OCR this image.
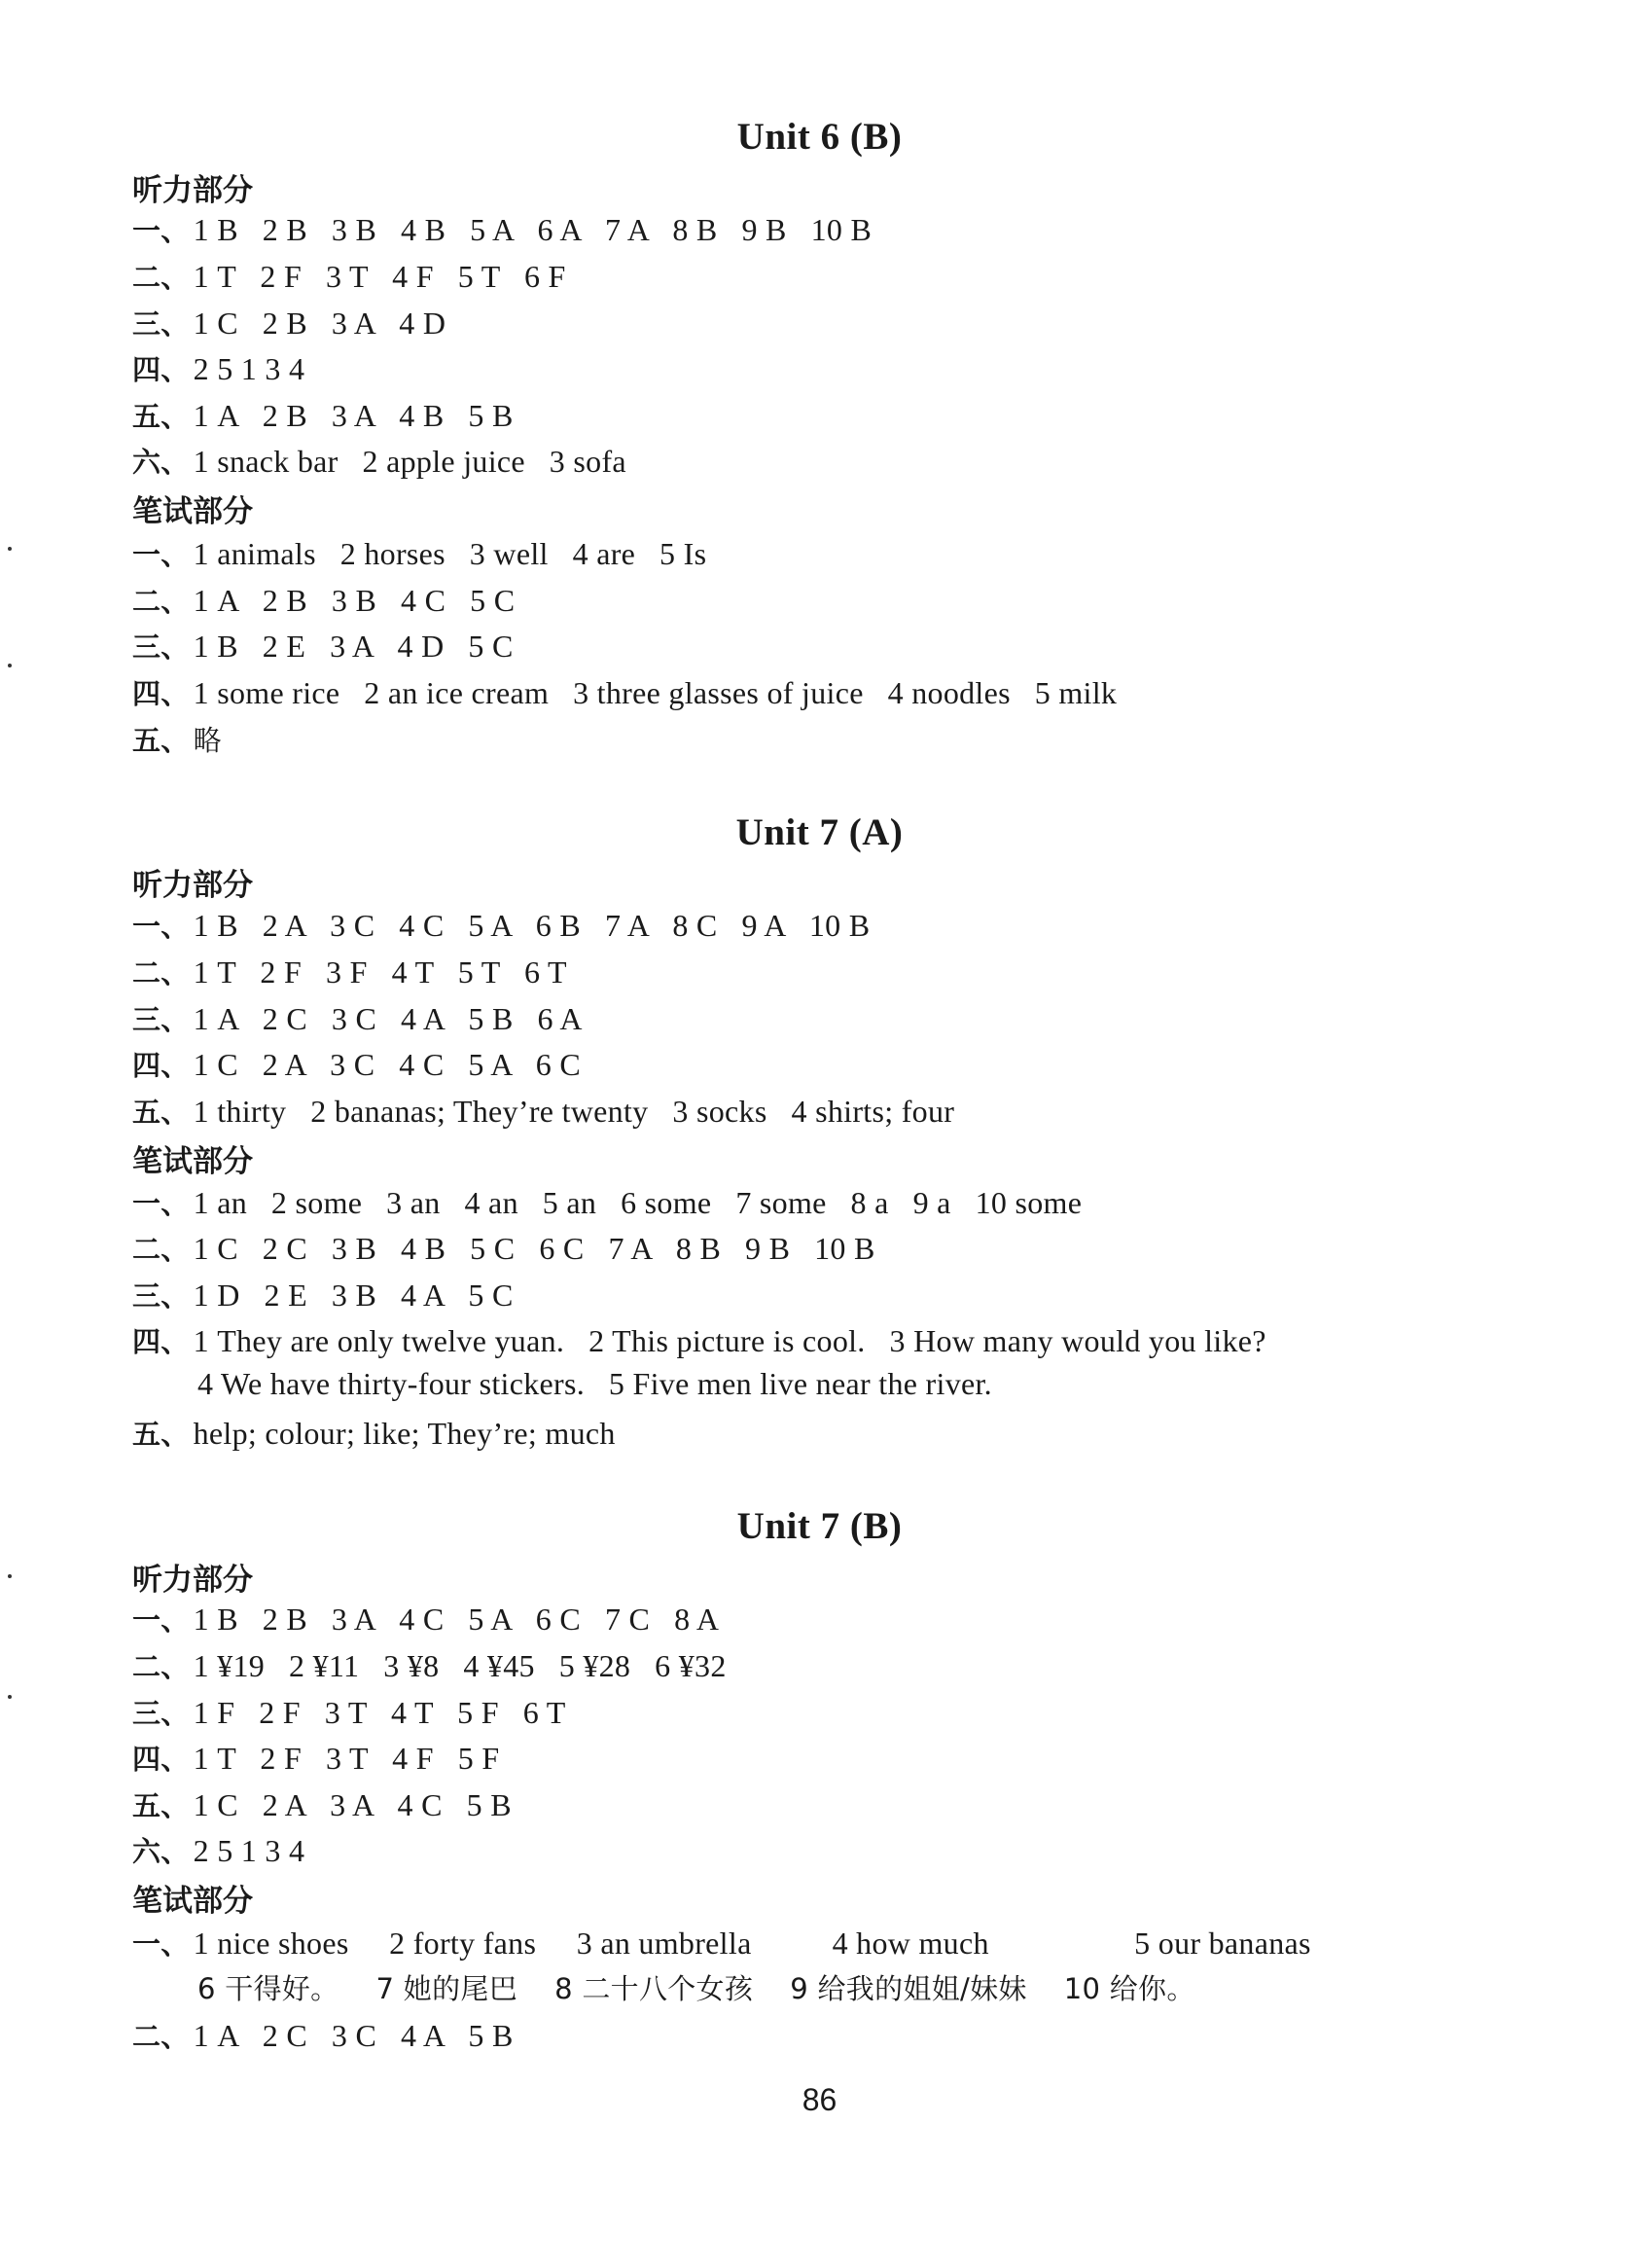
Unit 6 (B)
听力部分
一、 1 B   2 B   3 B   4 B   5 A   6 A   7 A   8 B   9 B   10 B
二、 1 T   2 F   3 T   4 F   5 T   6 F
三、 1 C   2 B   3 A   4 D
四、 2 5 1 3 4
五、 1 A   2 B   3 A   4 B   5 B
六、 1 snack bar   2 apple juice   3 sofa
笔试部分
一、 1 animals   2 horses   3 well   4 are   5 Is
二、 1 A   2 B   3 B   4 C   5 C
三、 1 B   2 E   3 A   4 D   5 C
四、 1 some rice   2 an ice cream   3 three glasses of juice   4 noodles   5 milk
五、 略
Unit 7 (A)
听力部分
一、 1 B   2 A   3 C   4 C   5 A   6 B   7 A   8 C   9 A   10 B
二、 1 T   2 F   3 F   4 T   5 T   6 T
三、 1 A   2 C   3 C   4 A   5 B   6 A
四、 1 C   2 A   3 C   4 C   5 A   6 C
五、 1 thirty   2 bananas; They’re twenty   3 socks   4 shirts; four
笔试部分
一、 1 an   2 some   3 an   4 an   5 an   6 some   7 some   8 a   9 a   10 some
二、 1 C   2 C   3 B   4 B   5 C   6 C   7 A   8 B   9 B   10 B
三、 1 D   2 E   3 B   4 A   5 C
四、 1 They are only twelve yuan.   2 This picture is cool.   3 How many would you like?
4 We have thirty-four stickers.   5 Five men live near the river.
五、 help; colour; like; They’re; much
Unit 7 (B)
听力部分
一、 1 B   2 B   3 A   4 C   5 A   6 C   7 C   8 A
二、 1 ¥19   2 ¥11   3 ¥8   4 ¥45   5 ¥28   6 ¥32
三、 1 F   2 F   3 T   4 T   5 F   6 T
四、 1 T   2 F   3 T   4 F   5 F
五、 1 C   2 A   3 A   4 C   5 B
六、 2 5 1 3 4
笔试部分
一、 1 nice shoes     2 forty fans     3 an umbrella          4 how much                  5 our bananas
6 干得好。    7 她的尾巴    8 二十八个女孩    9 给我的姐姐/妹妹    10 给你。
二、 1 A   2 C   3 C   4 A   5 B
86
